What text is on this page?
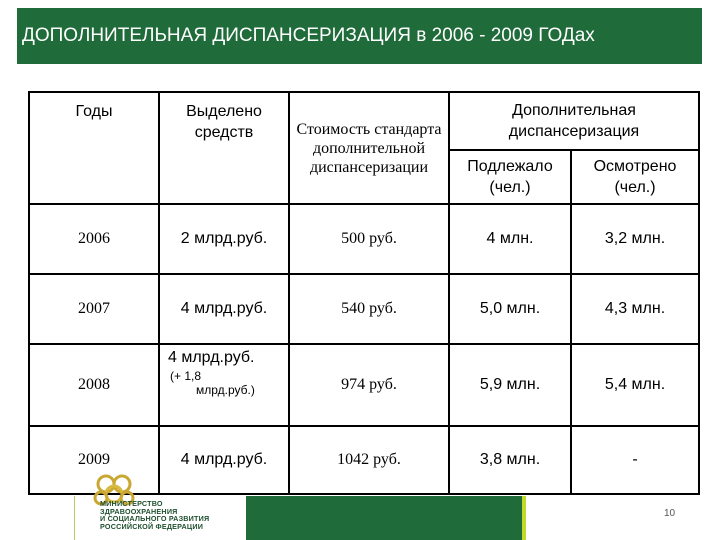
ДОПОЛНИТЕЛЬНАЯ ДИСПАНСЕРИЗАЦИЯ в 2006 - 2009 ГОДах
Годы	Выделено средств	Стоимость стандарта дополнительной диспансеризации	Дополнительная диспансеризация	
			Подлежало (чел.)	Осмотрено (чел.)
2006	2 млрд.руб.	500 руб.	4 млн.	3,2 млн.
2007	4 млрд.руб.	540 руб.	5,0 млн.	4,3 млн.
2008	4 млрд.руб.
(+ 1,8
млрд.руб.)	974 руб.	5,9 млн.	5,4 млн.
2009	4 млрд.руб.	1042 руб.	3,8 млн.	-
МИНИСТЕРСТВО
ЗДРАВООХРАНЕНИЯ
И СОЦИАЛЬНОГО РАЗВИТИЯ
РОССИЙСКОЙ ФЕДЕРАЦИИ
10
